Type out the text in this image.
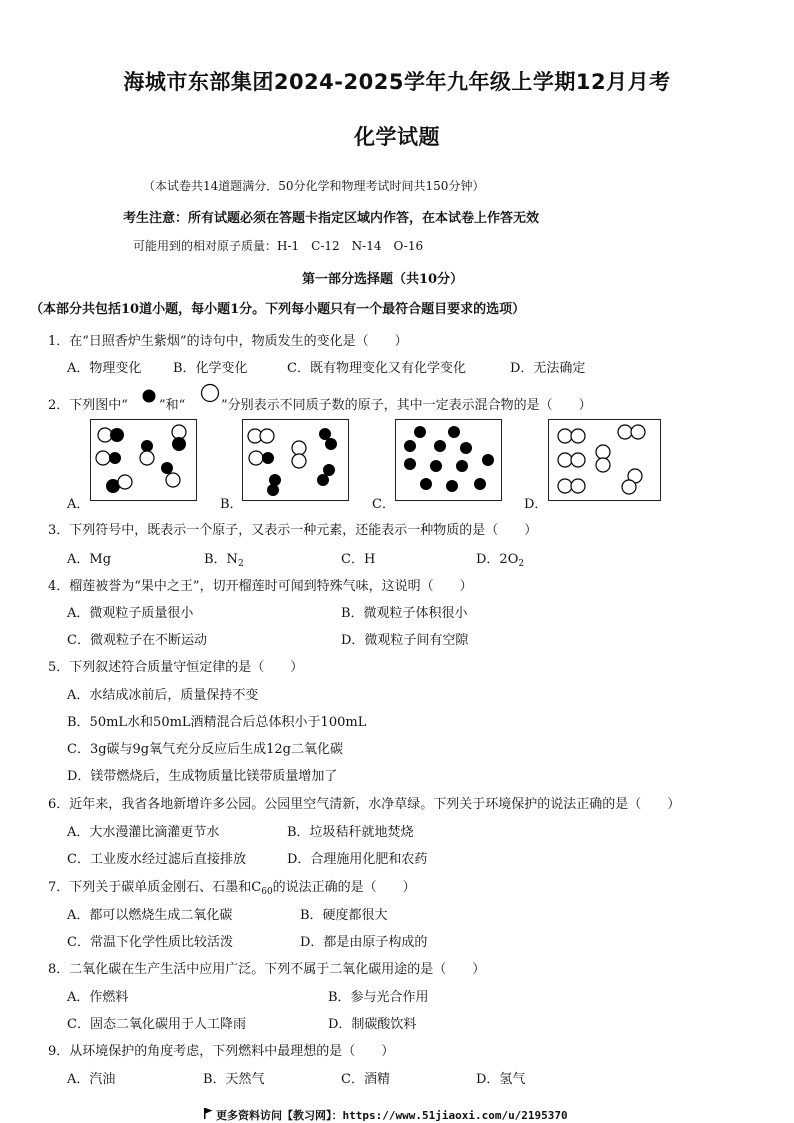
海城市东部集团2024-2025学年九年级上学期12月月考
化学试题
（本试卷共14道题满分．50分化学和物理考试时间共150分钟）
考生注意：所有试题必须在答题卡指定区域内作答，在本试卷上作答无效
可能用到的相对原子质量：H-1　C-12　N-14　O-16
第一部分选择题（共10分）
（本部分共包括10道小题，每小题1分。下列每小题只有一个最符合题目要求的选项）
1．在“日照香炉生紫烟”的诗句中，物质发生的变化是（　　）
A．物理变化 B．化学变化	C．既有物理变化又有化学变化	D．无法确定
2．下列图中“ ”和“	”分别表示不同质子数的原子，其中一定表示混合物的是（　　）
A．	B．	C．	D．
3．下列符号中，既表示一个原子，又表示一种元素，还能表示一种物质的是（　　）
A．Mg	B．$N_2$	C．H	D．$2O_2$
4．榴莲被誉为“果中之王”，切开榴莲时可闻到特殊气味，这说明（　　）
A．微观粒子质量很小	B．微观粒子体积很小
C．微观粒子在不断运动	D．微观粒子间有空隙
5．下列叙述符合质量守恒定律的是（　　）
A．水结成冰前后，质量保持不变
B．50mL水和50mL酒精混合后总体积小于100mL
C．3g碳与9g氧气充分反应后生成12g二氧化碳
D．镁带燃烧后，生成物质量比镁带质量增加了
6．近年来，我省各地新增许多公园。公园里空气清新，水净草绿。下列关于环境保护的说法正确的是（　　）
A．大水漫灌比滴灌更节水	B．垃圾秸秆就地焚烧
C．工业废水经过滤后直接排放	D．合理施用化肥和农药
7．下列关于碳单质金刚石、石墨和$C_{60}$的说法正确的是（　　）
A．都可以燃烧生成二氧化碳	B．硬度都很大
C．常温下化学性质比较活泼	D．都是由原子构成的
8．二氧化碳在生产生活中应用广泛。下列不属于二氧化碳用途的是（　　）
A．作燃料	B．参与光合作用
C．固态二氧化碳用于人工降雨	D．制碳酸饮料
9．从环境保护的角度考虑，下列燃料中最理想的是（　　）
A．汽油	B．天然气	C．酒精	D．氢气
更多资料访问【教习网】：https://www.51jiaoxi.com/u/2195370
